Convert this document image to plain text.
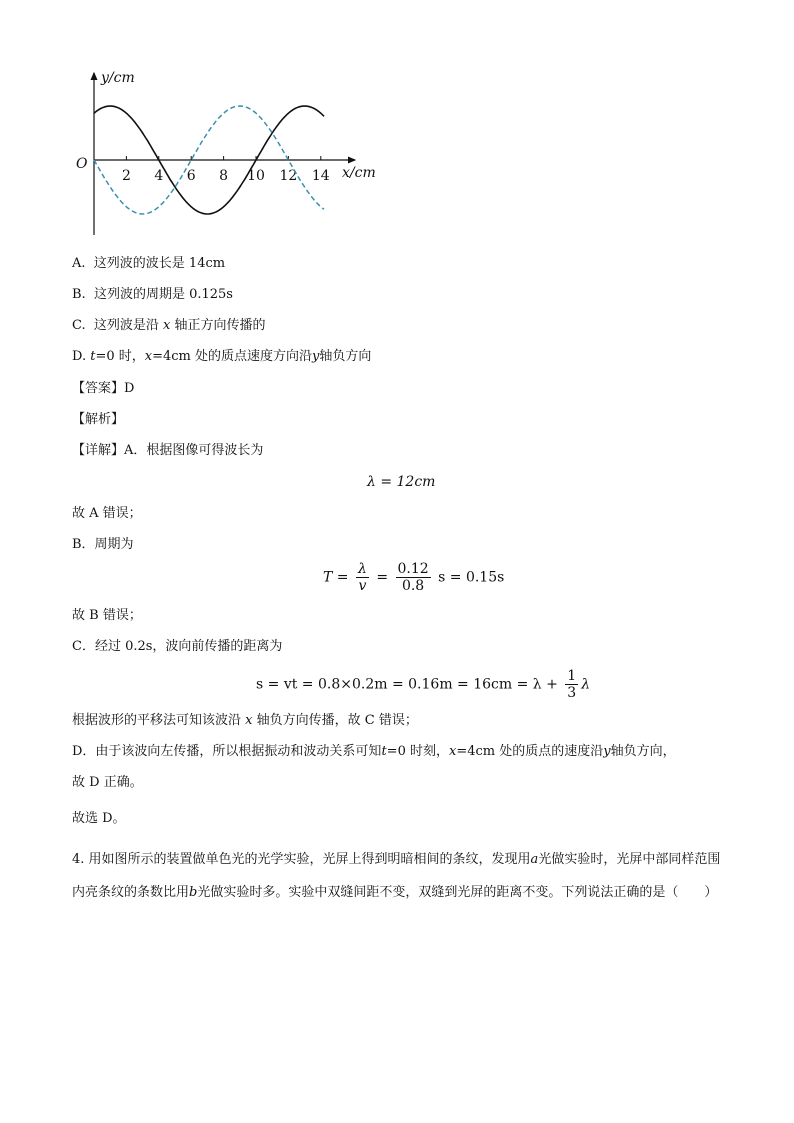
y/cm
x/cm
O
2 4 6 8 10 12 14
A. 这列波的波长是 14cm
B. 这列波的周期是 0.125s
C. 这列波是沿 x 轴正方向传播的
D. t=0 时，x=4cm 处的质点速度方向沿y轴负方向
【答案】D
【解析】
【详解】A．根据图像可得波长为
λ = 12cm
故 A 错误；
B．周期为
$T = \frac{\lambda}{v} = \frac{0.12}{0.8}$ s = 0.15s
故 B 错误；
C．经过 0.2s，波向前传播的距离为
s = vt = $0.8\times 0.2m = 0.16m = 16cm = \lambda + \frac{1}{3}$ λ
根据波形的平移法可知该波沿 x 轴负方向传播，故 C 错误；
D．由于该波向左传播，所以根据振动和波动关系可知t=0 时刻，x=4cm 处的质点的速度沿y轴负方向，
故 D 正确。
故选 D。
4. 用如图所示的装置做单色光的光学实验，光屏上得到明暗相间的条纹，发现用a光做实验时，光屏中部同样范围内亮条纹的条数比用b光做实验时多。实验中双缝间距不变，双缝到光屏的距离不变。下列说法正确的是（　　）
